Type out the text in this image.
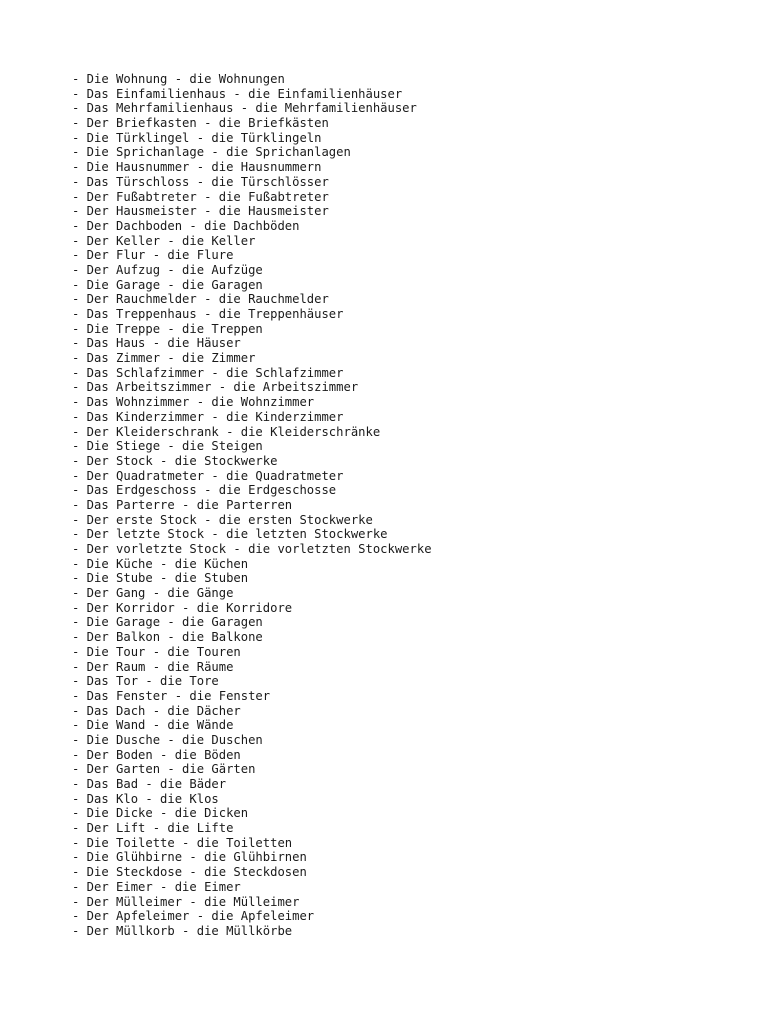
- Die Wohnung - die Wohnungen
- Das Einfamilienhaus - die Einfamilienhäuser
- Das Mehrfamilienhaus - die Mehrfamilienhäuser
- Der Briefkasten - die Briefkästen
- Die Türklingel - die Türklingeln
- Die Sprichanlage - die Sprichanlagen
- Die Hausnummer - die Hausnummern
- Das Türschloss - die Türschlösser
- Der Fußabtreter - die Fußabtreter
- Der Hausmeister - die Hausmeister
- Der Dachboden - die Dachböden
- Der Keller - die Keller
- Der Flur - die Flure
- Der Aufzug - die Aufzüge
- Die Garage - die Garagen
- Der Rauchmelder - die Rauchmelder
- Das Treppenhaus - die Treppenhäuser
- Die Treppe - die Treppen
- Das Haus - die Häuser
- Das Zimmer - die Zimmer
- Das Schlafzimmer - die Schlafzimmer
- Das Arbeitszimmer - die Arbeitszimmer
- Das Wohnzimmer - die Wohnzimmer
- Das Kinderzimmer - die Kinderzimmer
- Der Kleiderschrank - die Kleiderschränke
- Die Stiege - die Steigen
- Der Stock - die Stockwerke
- Der Quadratmeter - die Quadratmeter
- Das Erdgeschoss - die Erdgeschosse
- Das Parterre - die Parterren
- Der erste Stock - die ersten Stockwerke
- Der letzte Stock - die letzten Stockwerke
- Der vorletzte Stock - die vorletzten Stockwerke
- Die Küche - die Küchen
- Die Stube - die Stuben
- Der Gang - die Gänge
- Der Korridor - die Korridore
- Die Garage - die Garagen
- Der Balkon - die Balkone
- Die Tour - die Touren
- Der Raum - die Räume
- Das Tor - die Tore
- Das Fenster - die Fenster
- Das Dach - die Dächer
- Die Wand - die Wände
- Die Dusche - die Duschen
- Der Boden - die Böden
- Der Garten - die Gärten
- Das Bad - die Bäder
- Das Klo - die Klos
- Die Dicke - die Dicken
- Der Lift - die Lifte
- Die Toilette - die Toiletten
- Die Glühbirne - die Glühbirnen
- Die Steckdose - die Steckdosen
- Der Eimer - die Eimer
- Der Mülleimer - die Mülleimer
- Der Apfeleimer - die Apfeleimer
- Der Müllkorb - die Müllkörbe
